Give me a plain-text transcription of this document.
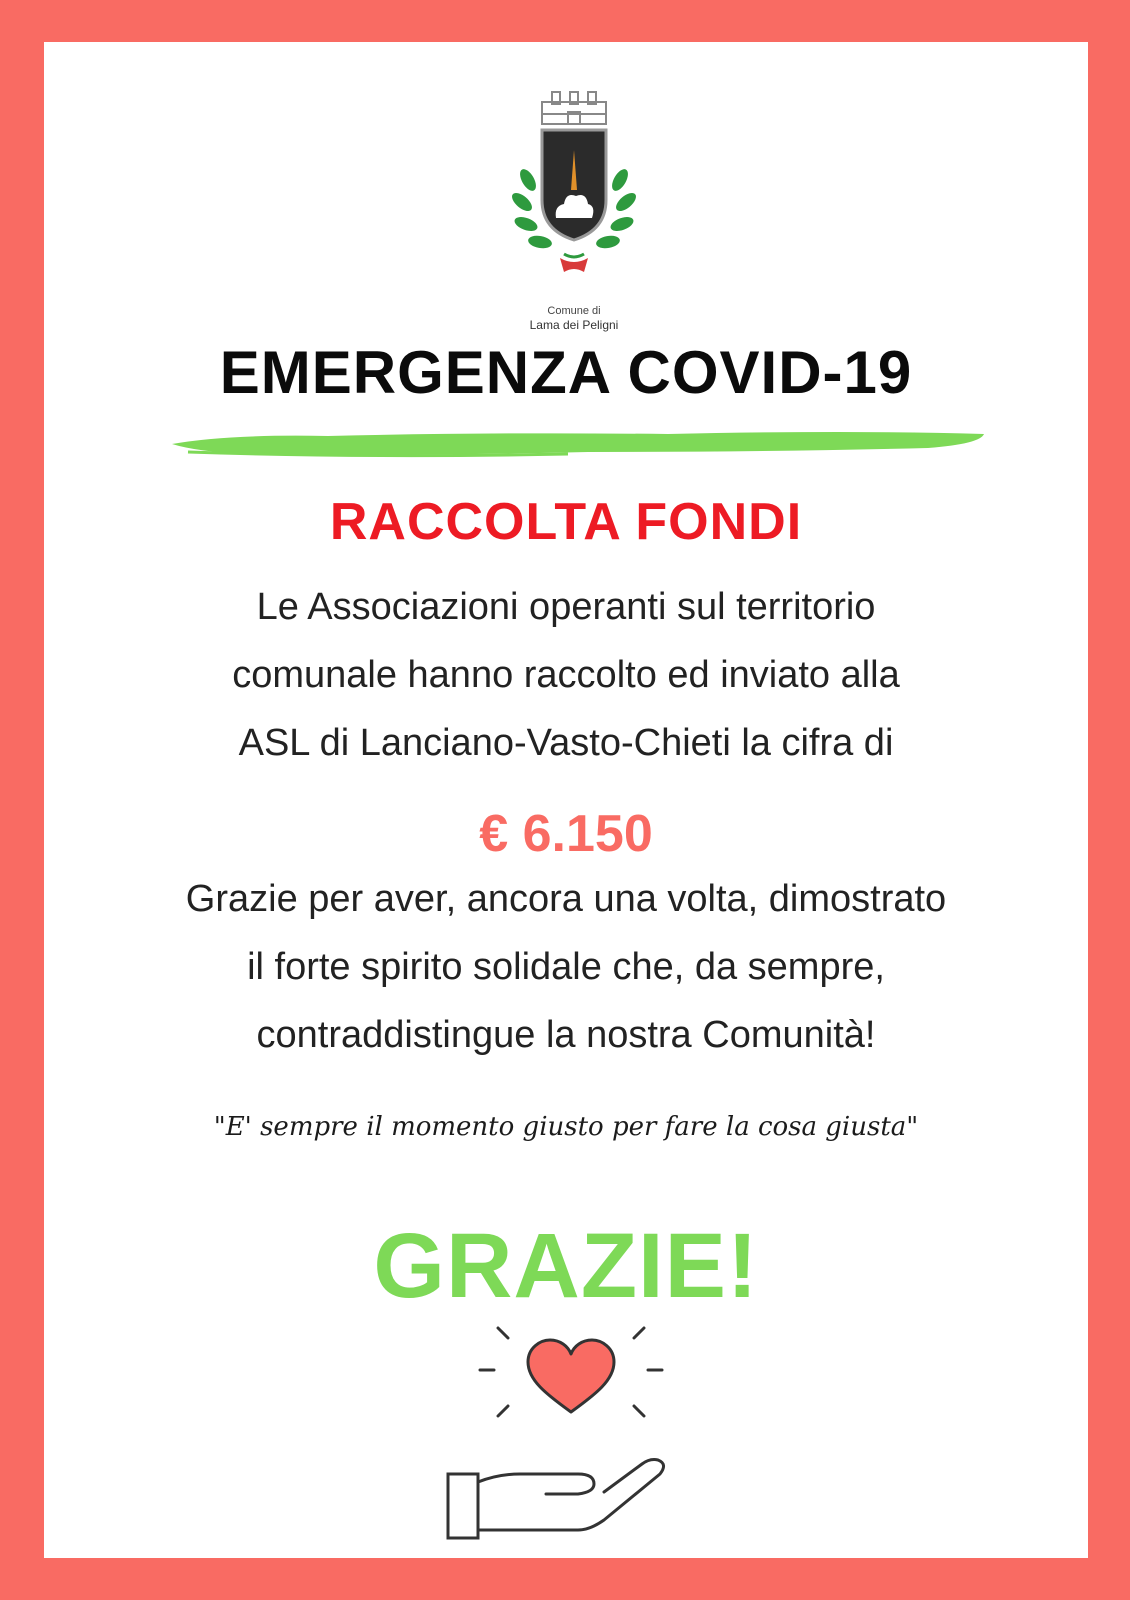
Comune di
Lama dei Peligni
EMERGENZA COVID-19
RACCOLTA FONDI
Le Associazioni operanti sul territorio
comunale hanno raccolto ed inviato alla
ASL di Lanciano-Vasto-Chieti la cifra di
€ 6.150
Grazie per aver, ancora una volta, dimostrato
il forte spirito solidale che, da sempre,
contraddistingue la nostra Comunità!
"E' sempre il momento giusto per fare la cosa giusta"
GRAZIE!
